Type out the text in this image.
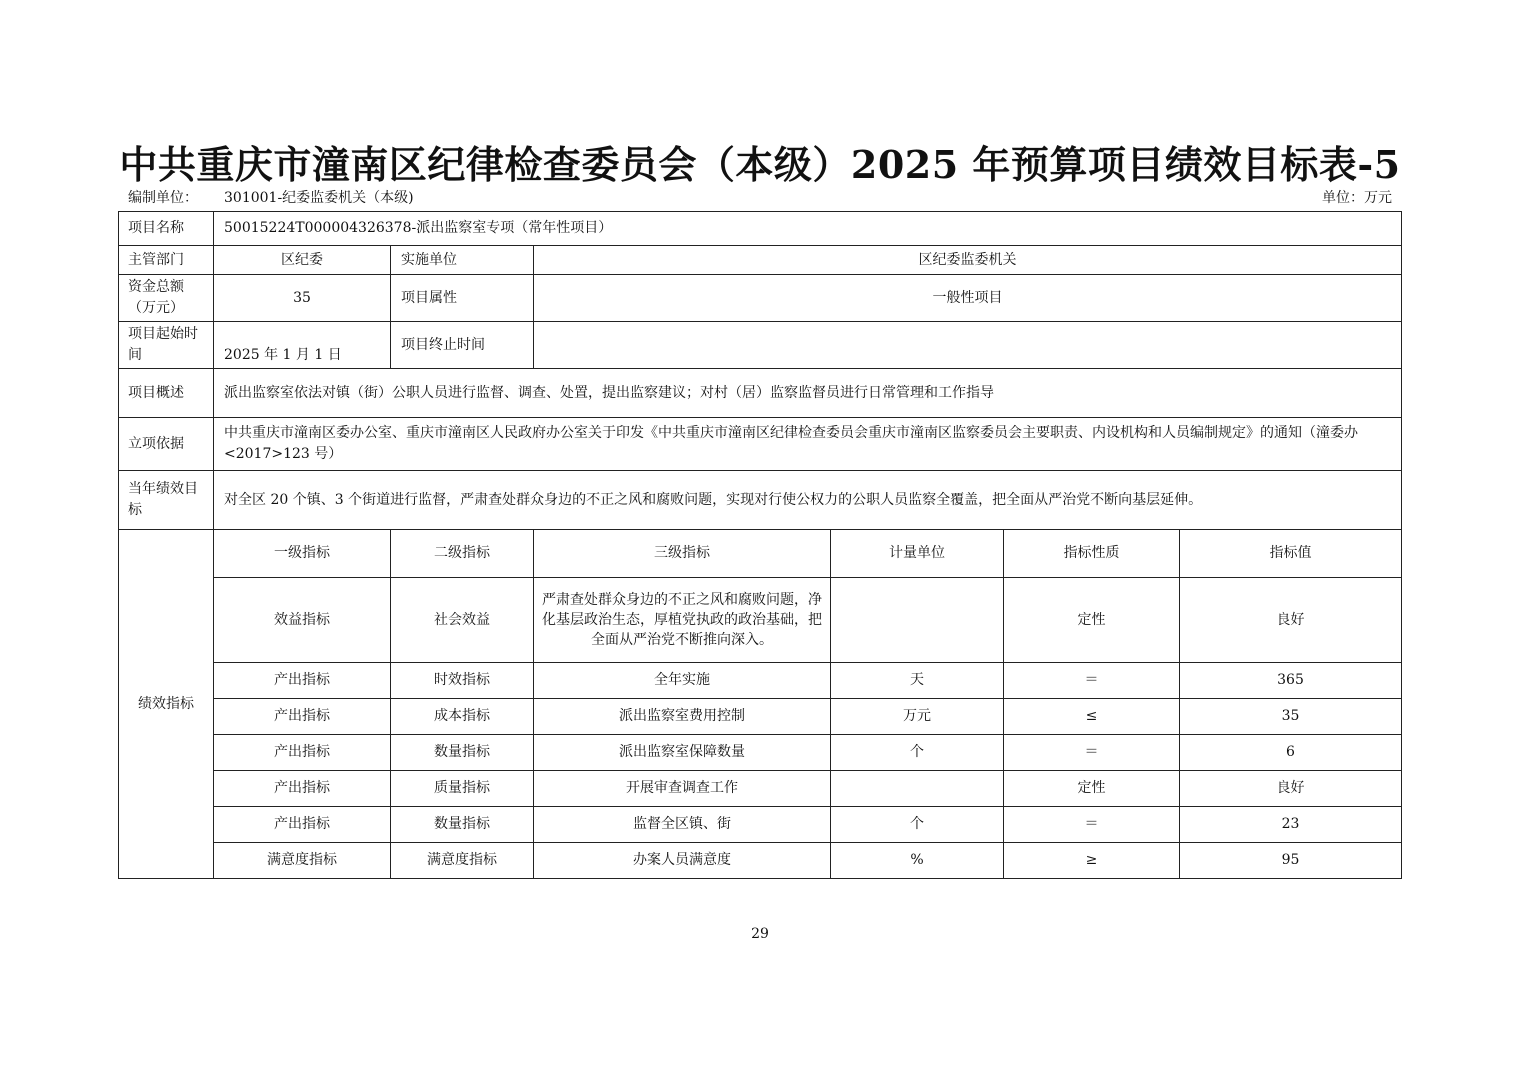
中共重庆市潼南区纪律检查委员会（本级）2025 年预算项目绩效目标表-5
编制单位： 301001-纪委监委机关（本级)	单位：万元
项目名称	50015224T000004326378-派出监察室专项（常年性项目）					
主管部门	区纪委	实施单位	区纪委监委机关			
资金总额（万元）	35	项目属性	一般性项目			
项目起始时间	2025 年 1 月 1 日	项目终止时间				
项目概述	派出监察室依法对镇（街）公职人员进行监督、调查、处置，提出监察建议；对村（居）监察监督员进行日常管理和工作指导					
立项依据	中共重庆市潼南区委办公室、重庆市潼南区人民政府办公室关于印发《中共重庆市潼南区纪律检查委员会重庆市潼南区监察委员会主要职责、内设机构和人员编制规定》的通知（潼委办<2017>123 号）					
当年绩效目标	对全区 20 个镇、3 个街道进行监督，严肃查处群众身边的不正之风和腐败问题，实现对行使公权力的公职人员监察全覆盖，把全面从严治党不断向基层延伸。					
绩效指标	一级指标	二级指标	三级指标	计量单位	指标性质	指标值
	效益指标	社会效益	严肃查处群众身边的不正之风和腐败问题，净化基层政治生态，厚植党执政的政治基础，把全面从严治党不断推向深入。		定性	良好
	产出指标	时效指标	全年实施	天	＝	365
	产出指标	成本指标	派出监察室费用控制	万元	≤	35
	产出指标	数量指标	派出监察室保障数量	个	＝	6
	产出指标	质量指标	开展审查调查工作		定性	良好
	产出指标	数量指标	监督全区镇、街	个	＝	23
	满意度指标	满意度指标	办案人员满意度	%	≥	95
29
